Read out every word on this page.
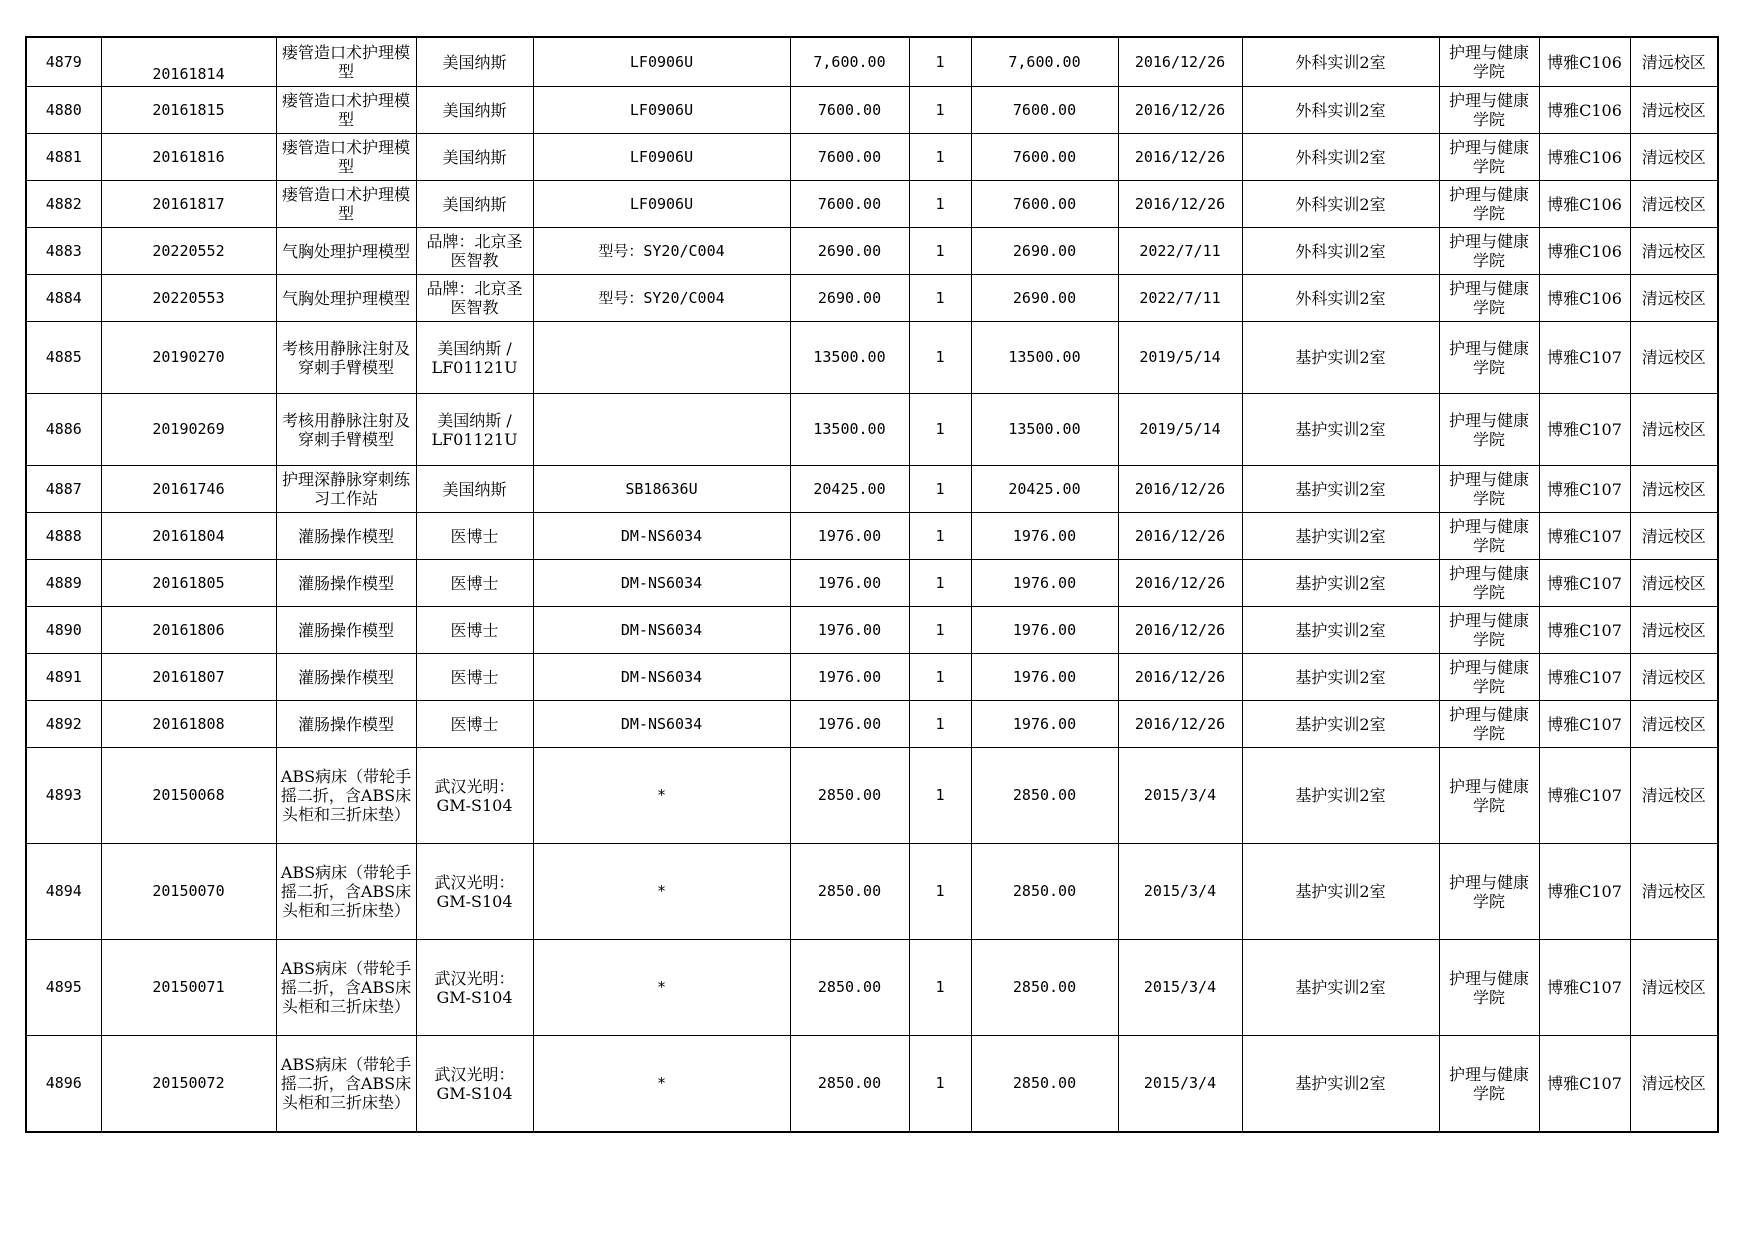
4879	20161814	瘘管造口术护理模型	美国纳斯	LF0906U	7,600.00	1	7,600.00	2016/12/26	外科实训2室	护理与健康学院	博雅C106	清远校区
4880	20161815	瘘管造口术护理模型	美国纳斯	LF0906U	7600.00	1	7600.00	2016/12/26	外科实训2室	护理与健康学院	博雅C106	清远校区
4881	20161816	瘘管造口术护理模型	美国纳斯	LF0906U	7600.00	1	7600.00	2016/12/26	外科实训2室	护理与健康学院	博雅C106	清远校区
4882	20161817	瘘管造口术护理模型	美国纳斯	LF0906U	7600.00	1	7600.00	2016/12/26	外科实训2室	护理与健康学院	博雅C106	清远校区
4883	20220552	气胸处理护理模型	品牌：北京圣医智教	型号：SY20/C004	2690.00	1	2690.00	2022/7/11	外科实训2室	护理与健康学院	博雅C106	清远校区
4884	20220553	气胸处理护理模型	品牌：北京圣医智教	型号：SY20/C004	2690.00	1	2690.00	2022/7/11	外科实训2室	护理与健康学院	博雅C106	清远校区
4885	20190270	考核用静脉注射及穿刺手臂模型	美国纳斯 / LF01121U		13500.00	1	13500.00	2019/5/14	基护实训2室	护理与健康学院	博雅C107	清远校区
4886	20190269	考核用静脉注射及穿刺手臂模型	美国纳斯 / LF01121U		13500.00	1	13500.00	2019/5/14	基护实训2室	护理与健康学院	博雅C107	清远校区
4887	20161746	护理深静脉穿刺练习工作站	美国纳斯	SB18636U	20425.00	1	20425.00	2016/12/26	基护实训2室	护理与健康学院	博雅C107	清远校区
4888	20161804	灌肠操作模型	医博士	DM-NS6034	1976.00	1	1976.00	2016/12/26	基护实训2室	护理与健康学院	博雅C107	清远校区
4889	20161805	灌肠操作模型	医博士	DM-NS6034	1976.00	1	1976.00	2016/12/26	基护实训2室	护理与健康学院	博雅C107	清远校区
4890	20161806	灌肠操作模型	医博士	DM-NS6034	1976.00	1	1976.00	2016/12/26	基护实训2室	护理与健康学院	博雅C107	清远校区
4891	20161807	灌肠操作模型	医博士	DM-NS6034	1976.00	1	1976.00	2016/12/26	基护实训2室	护理与健康学院	博雅C107	清远校区
4892	20161808	灌肠操作模型	医博士	DM-NS6034	1976.00	1	1976.00	2016/12/26	基护实训2室	护理与健康学院	博雅C107	清远校区
4893	20150068	ABS病床（带轮手摇二折，含ABS床头柜和三折床垫）	武汉光明：GM-S104	*	2850.00	1	2850.00	2015/3/4	基护实训2室	护理与健康学院	博雅C107	清远校区
4894	20150070	ABS病床（带轮手摇二折，含ABS床头柜和三折床垫）	武汉光明：GM-S104	*	2850.00	1	2850.00	2015/3/4	基护实训2室	护理与健康学院	博雅C107	清远校区
4895	20150071	ABS病床（带轮手摇二折，含ABS床头柜和三折床垫）	武汉光明：GM-S104	*	2850.00	1	2850.00	2015/3/4	基护实训2室	护理与健康学院	博雅C107	清远校区
4896	20150072	ABS病床（带轮手摇二折，含ABS床头柜和三折床垫）	武汉光明：GM-S104	*	2850.00	1	2850.00	2015/3/4	基护实训2室	护理与健康学院	博雅C107	清远校区
